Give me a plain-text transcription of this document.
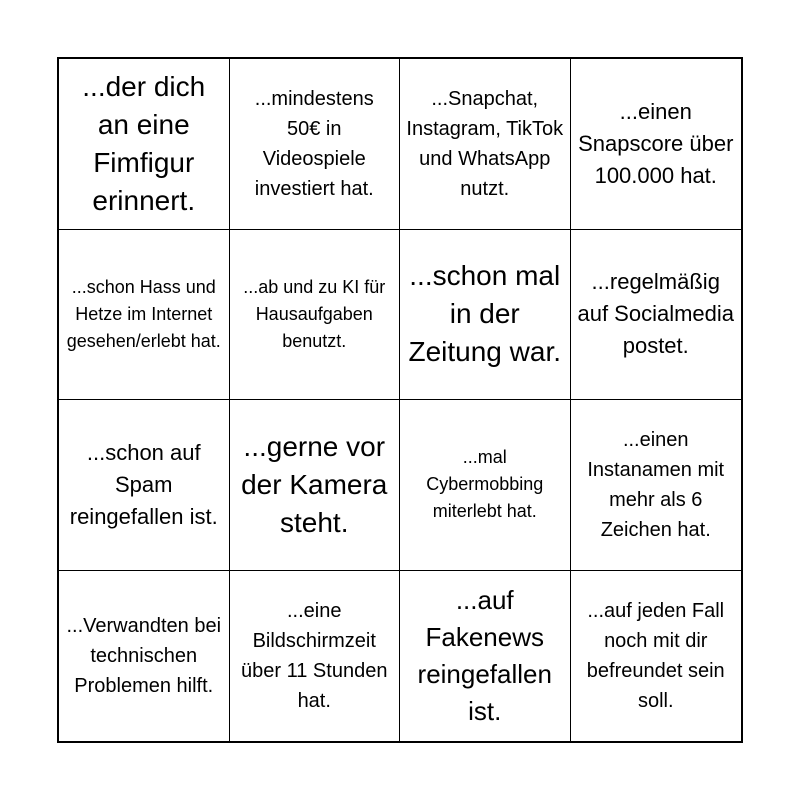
...der dich an eine Fimfigur erinnert.
...mindestens 50€ in Videospiele investiert hat.
...Snapchat, Instagram, TikTok und WhatsApp nutzt.
...einen Snapscore über 100.000 hat.
...schon Hass und Hetze im Internet gesehen/erlebt hat.
...ab und zu KI für Hausaufgaben benutzt.
...schon mal in der Zeitung war.
...regelmäßig auf Socialmedia postet.
...schon auf Spam reingefallen ist.
...gerne vor der Kamera steht.
...mal Cybermobbing miterlebt hat.
...einen Instanamen mit mehr als 6 Zeichen hat.
...Verwandten bei technischen Problemen hilft.
...eine Bildschirmzeit über 11 Stunden hat.
...auf Fakenews reingefallen ist.
...auf jeden Fall noch mit dir befreundet sein soll.
